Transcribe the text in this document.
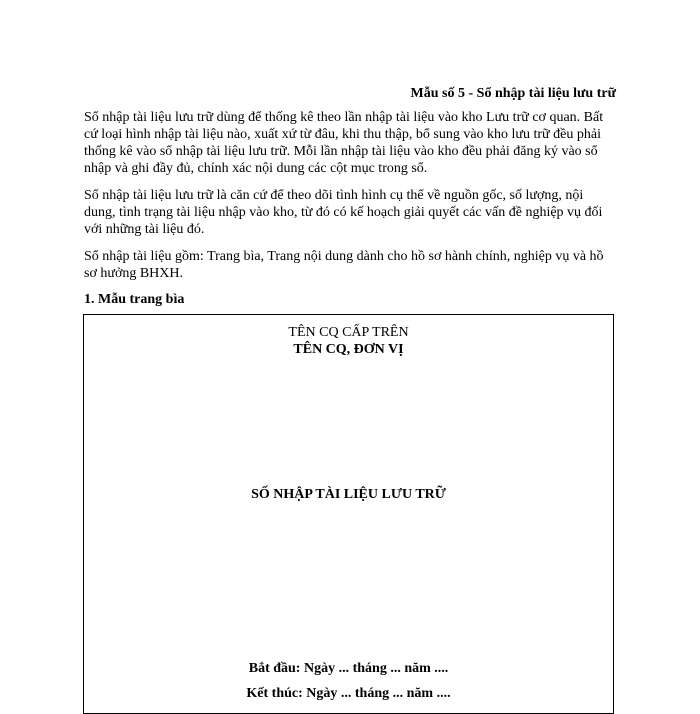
Mẫu số 5 - Sổ nhập tài liệu lưu trữ

Sổ nhập tài liệu lưu trữ dùng để thống kê theo lần nhập tài liệu vào kho Lưu trữ cơ quan. Bất cứ loại hình nhập tài liệu nào, xuất xứ từ đâu, khi thu thập, bổ sung vào kho lưu trữ đều phải thống kê vào sổ nhập tài liệu lưu trữ. Mỗi lần nhập tài liệu vào kho đều phải đăng ký vào sổ nhập và ghi đầy đủ, chính xác nội dung các cột mục trong sổ.

Sổ nhập tài liệu lưu trữ là căn cứ để theo dõi tình hình cụ thể về nguồn gốc, số lượng, nội dung, tình trạng tài liệu nhập vào kho, từ đó có kế hoạch giải quyết các vấn đề nghiệp vụ đối với những tài liệu đó.

Sổ nhập tài liệu gồm: Trang bìa, Trang nội dung dành cho hồ sơ hành chính, nghiệp vụ và hồ sơ hưởng BHXH.

1. Mẫu trang bìa
TÊN CQ CẤP TRÊN
TÊN CQ, ĐƠN VỊ
SỐ NHẬP TÀI LIỆU LƯU TRỮ
Bắt đầu: Ngày ... tháng ... năm ....
Kết thúc: Ngày ... tháng ... năm ....
